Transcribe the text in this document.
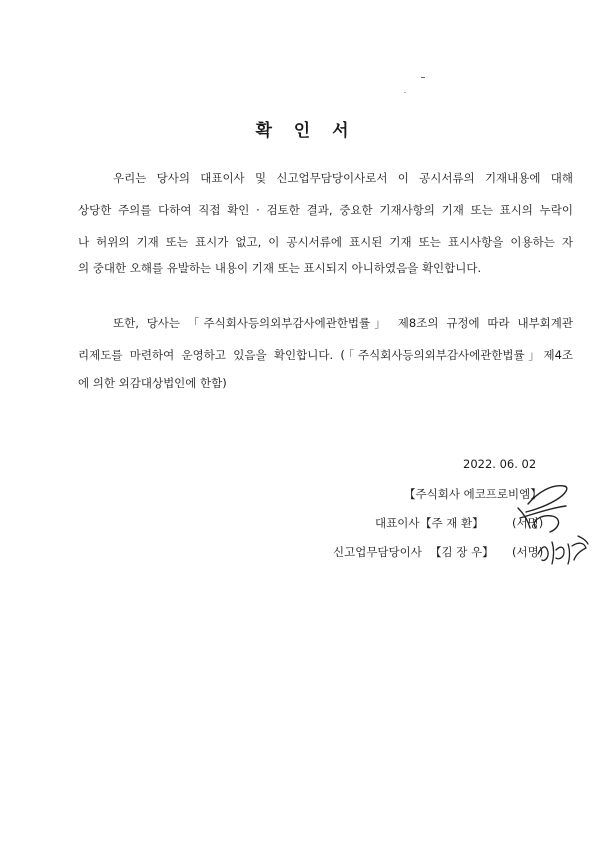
확 인 서
우리는 당사의 대표이사 및 신고업무담당이사로서 이 공시서류의 기재내용에 대해
상당한 주의를 다하여 직접 확인 · 검토한 결과, 중요한 기재사항의 기재 또는 표시의 누락이
나 허위의 기재 또는 표시가 없고, 이 공시서류에 표시된 기재 또는 표시사항을 이용하는 자
의 중대한 오해를 유발하는 내용이 기재 또는 표시되지 아니하였음을 확인합니다.
또한, 당사는 「주식회사등의외부감사에관한법률」 제8조의 규정에 따라 내부회계관
리제도를 마련하여 운영하고 있음을 확인합니다. (「주식회사등의외부감사에관한법률」제4조
에 의한 외감대상법인에 한함)
2022. 06. 02
【주식회사 에코프로비엠】
대표이사 【주 재 환】 (서명)
신고업무담당이사 【김 장 우】 (서명)
